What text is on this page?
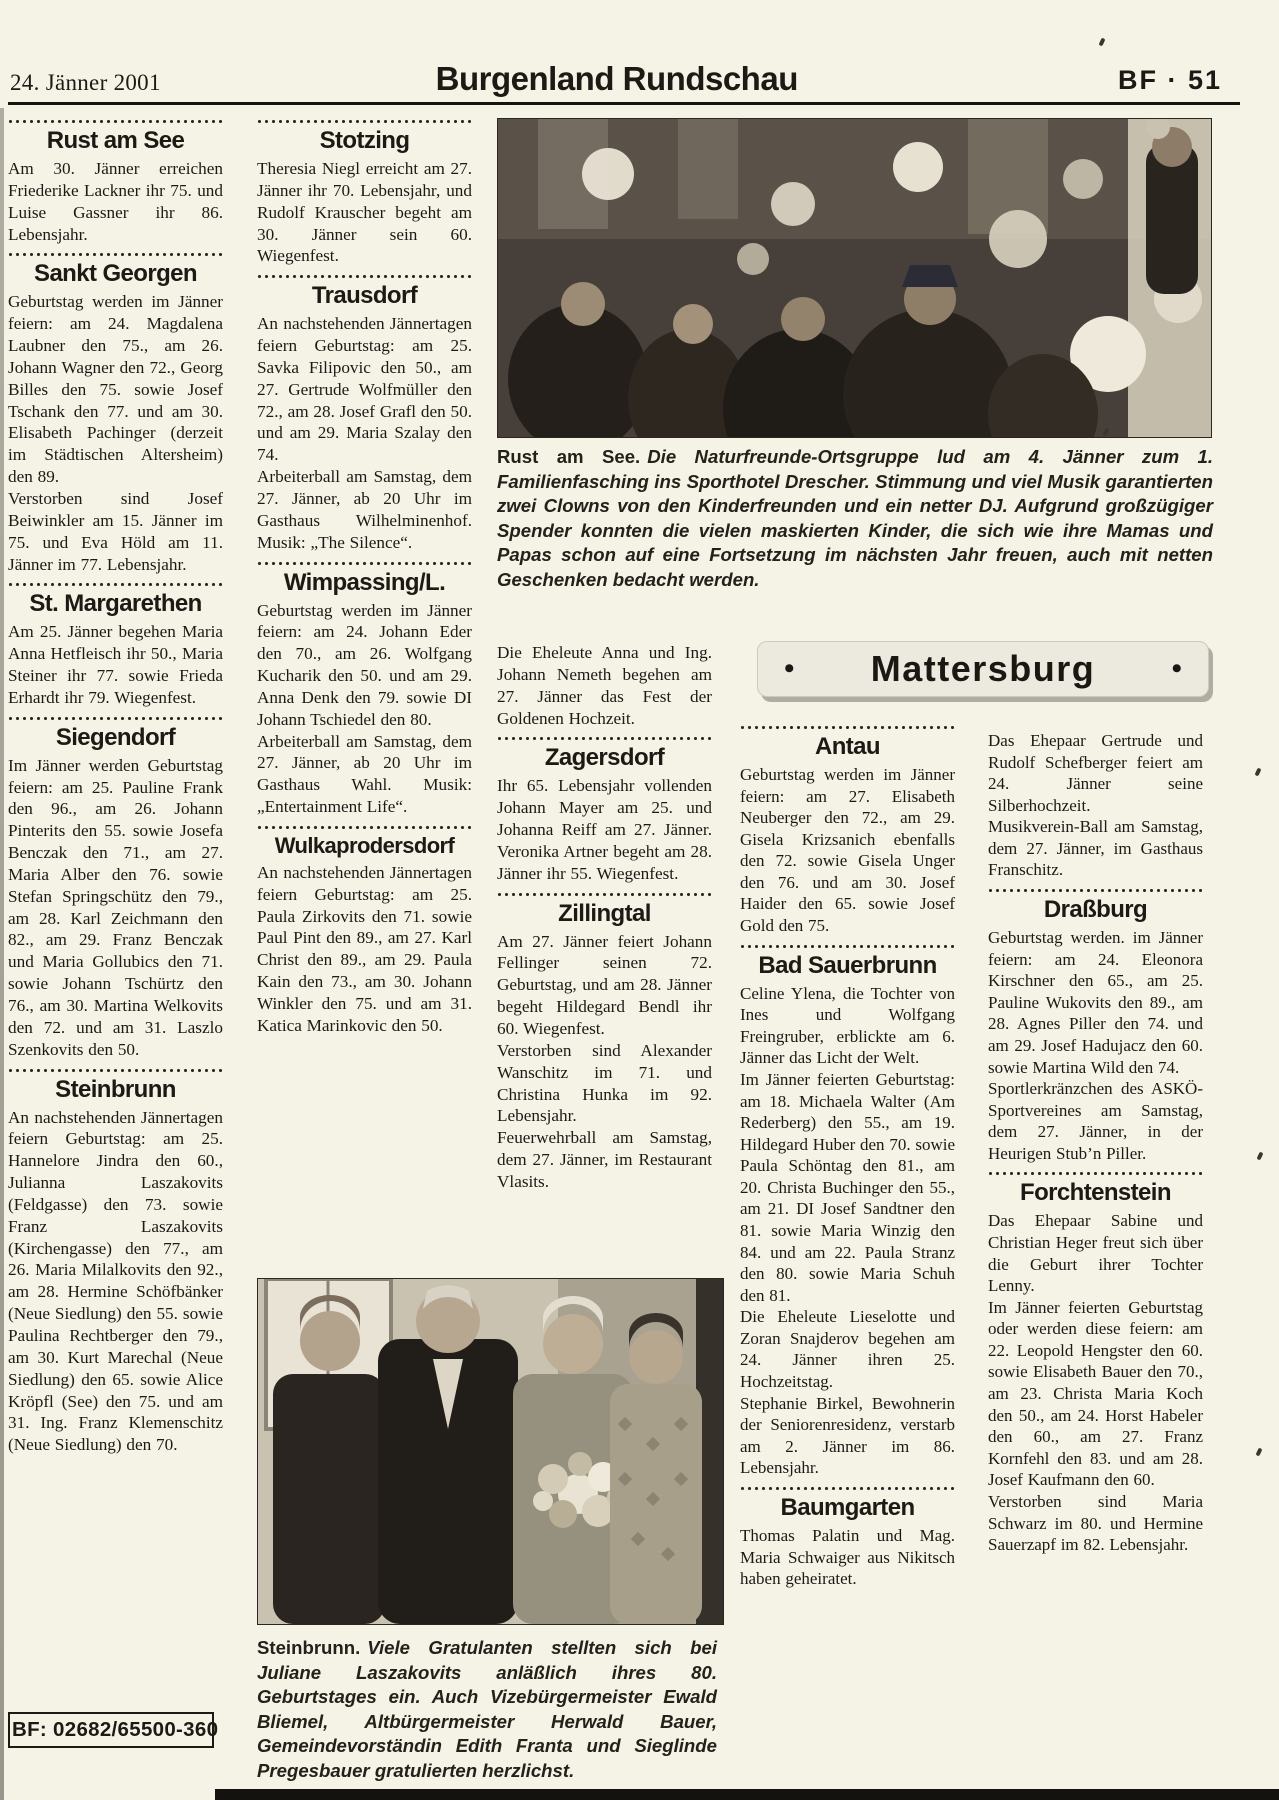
24. Jänner 2001	Burgenland Rundschau	BF · 51
Rust am See

Am 30. Jänner erreichen Friederike Lackner ihr 75. und Luise Gassner ihr 86. Lebensjahr.

Sankt Georgen

Geburtstag werden im Jänner feiern: am 24. Magdalena Laubner den 75., am 26. Johann Wagner den 72., Georg Billes den 75. sowie Josef Tschank den 77. und am 30. Elisabeth Pachinger (derzeit im Städtischen Altersheim) den 89.

Verstorben sind Josef Beiwinkler am 15. Jänner im 75. und Eva Höld am 11. Jänner im 77. Lebensjahr.

St. Margarethen

Am 25. Jänner begehen Maria Anna Hetfleisch ihr 50., Maria Steiner ihr 77. sowie Frieda Erhardt ihr 79. Wiegenfest.

Siegendorf

Im Jänner werden Geburtstag feiern: am 25. Pauline Frank den 96., am 26. Johann Pinterits den 55. sowie Josefa Benczak den 71., am 27. Maria Alber den 76. sowie Stefan Springschütz den 79., am 28. Karl Zeichmann den 82., am 29. Franz Benczak und Maria Gollubics den 71. sowie Johann Tschürtz den 76., am 30. Martina Welkovits den 72. und am 31. Laszlo Szenkovits den 50.

Steinbrunn

An nachstehenden Jännertagen feiern Geburtstag: am 25. Hannelore Jindra den 60., Julianna Laszakovits (Feldgasse) den 73. sowie Franz Laszakovits (Kirchengasse) den 77., am 26. Maria Milalkovits den 92., am 28. Hermine Schöfbänker (Neue Siedlung) den 55. sowie Paulina Rechtberger den 79., am 30. Kurt Marechal (Neue Siedlung) den 65. sowie Alice Kröpfl (See) den 75. und am 31. Ing. Franz Klemenschitz (Neue Siedlung) den 70.

Stotzing

Theresia Niegl erreicht am 27. Jänner ihr 70. Lebensjahr, und Rudolf Krauscher begeht am 30. Jänner sein 60. Wiegenfest.

Trausdorf

An nachstehenden Jännertagen feiern Geburtstag: am 25. Savka Filipovic den 50., am 27. Gertrude Wolfmüller den 72., am 28. Josef Grafl den 50. und am 29. Maria Szalay den 74.

Arbeiterball am Samstag, dem 27. Jänner, ab 20 Uhr im Gasthaus Wilhelminenhof. Musik: „The Silence“.

Wimpassing/L.

Geburtstag werden im Jänner feiern: am 24. Johann Eder den 70., am 26. Wolfgang Kucharik den 50. und am 29. Anna Denk den 79. sowie DI Johann Tschiedel den 80.

Arbeiterball am Samstag, dem 27. Jänner, ab 20 Uhr im Gasthaus Wahl. Musik: „Entertainment Life“.

Wulkaprodersdorf

An nachstehenden Jännertagen feiern Geburtstag: am 25. Paula Zirkovits den 71. sowie Paul Pint den 89., am 27. Karl Christ den 89., am 29. Paula Kain den 73., am 30. Johann Winkler den 75. und am 31. Katica Marinkovic den 50.

Die Eheleute Anna und Ing. Johann Nemeth begehen am 27. Jänner das Fest der Goldenen Hochzeit.

Zagersdorf

Ihr 65. Lebensjahr vollenden Johann Mayer am 25. und Johanna Reiff am 27. Jänner. Veronika Artner begeht am 28. Jänner ihr 55. Wiegenfest.

Zillingtal

Am 27. Jänner feiert Johann Fellinger seinen 72. Geburtstag, und am 28. Jänner begeht Hildegard Bendl ihr 60. Wiegenfest.

Verstorben sind Alexander Wanschitz im 71. und Christina Hunka im 92. Lebensjahr.

Feuerwehrball am Samstag, dem 27. Jänner, im Restaurant Vlasits.

Antau

Geburtstag werden im Jänner feiern: am 27. Elisabeth Neuberger den 72., am 29. Gisela Krizsanich ebenfalls den 72. sowie Gisela Unger den 76. und am 30. Josef Haider den 65. sowie Josef Gold den 75.

Bad Sauerbrunn

Celine Ylena, die Tochter von Ines und Wolfgang Freingruber, erblickte am 6. Jänner das Licht der Welt.

Im Jänner feierten Geburtstag: am 18. Michaela Walter (Am Rederberg) den 55., am 19. Hildegard Huber den 70. sowie Paula Schöntag den 81., am 20. Christa Buchinger den 55., am 21. DI Josef Sandtner den 81. sowie Maria Winzig den 84. und am 22. Paula Stranz den 80. sowie Maria Schuh den 81.

Die Eheleute Lieselotte und Zoran Snajderov begehen am 24. Jänner ihren 25. Hochzeitstag.

Stephanie Birkel, Bewohnerin der Seniorenresidenz, verstarb am 2. Jänner im 86. Lebensjahr.

Baumgarten

Thomas Palatin und Mag. Maria Schwaiger aus Nikitsch haben geheiratet.

Das Ehepaar Gertrude und Rudolf Schefberger feiert am 24. Jänner seine Silberhochzeit.

Musikverein-Ball am Samstag, dem 27. Jänner, im Gasthaus Franschitz.

Draßburg

Geburtstag werden. im Jänner feiern: am 24. Eleonora Kirschner den 65., am 25. Pauline Wukovits den 89., am 28. Agnes Piller den 74. und am 29. Josef Hadujacz den 60. sowie Martina Wild den 74.

Sportlerkränzchen des ASKÖ-Sportvereines am Samstag, dem 27. Jänner, in der Heurigen Stub’n Piller.

Forchtenstein

Das Ehepaar Sabine und Christian Heger freut sich über die Geburt ihrer Tochter Lenny.

Im Jänner feierten Geburtstag oder werden diese feiern: am 22. Leopold Hengster den 60. sowie Elisabeth Bauer den 70., am 23. Christa Maria Koch den 50., am 24. Horst Habeler den 60., am 27. Franz Kornfehl den 83. und am 28. Josef Kaufmann den 60.

Verstorben sind Maria Schwarz im 80. und Hermine Sauerzapf im 82. Lebensjahr.

Rust am See. Die Naturfreunde-Ortsgruppe lud am 4. Jänner zum 1. Familienfasching ins Sporthotel Drescher. Stimmung und viel Musik garantierten zwei Clowns von den Kinderfreunden und ein netter DJ. Aufgrund großzügiger Spender konnten die vielen maskierten Kinder, die sich wie ihre Mamas und Papas schon auf eine Fortsetzung im nächsten Jahr freuen, auch mit netten Geschenken bedacht werden.
• Mattersburg	•
Steinbrunn. Viele Gratulanten stellten sich bei Juliane Laszakovits anläßlich ihres 80. Geburtstages ein. Auch Vizebürgermeister Ewald Bliemel, Altbürgermeister Herwald Bauer, Gemeindevorständin Edith Franta und Sieglinde Pregesbauer gratulierten herzlichst.
BF: 02682/65500-360
